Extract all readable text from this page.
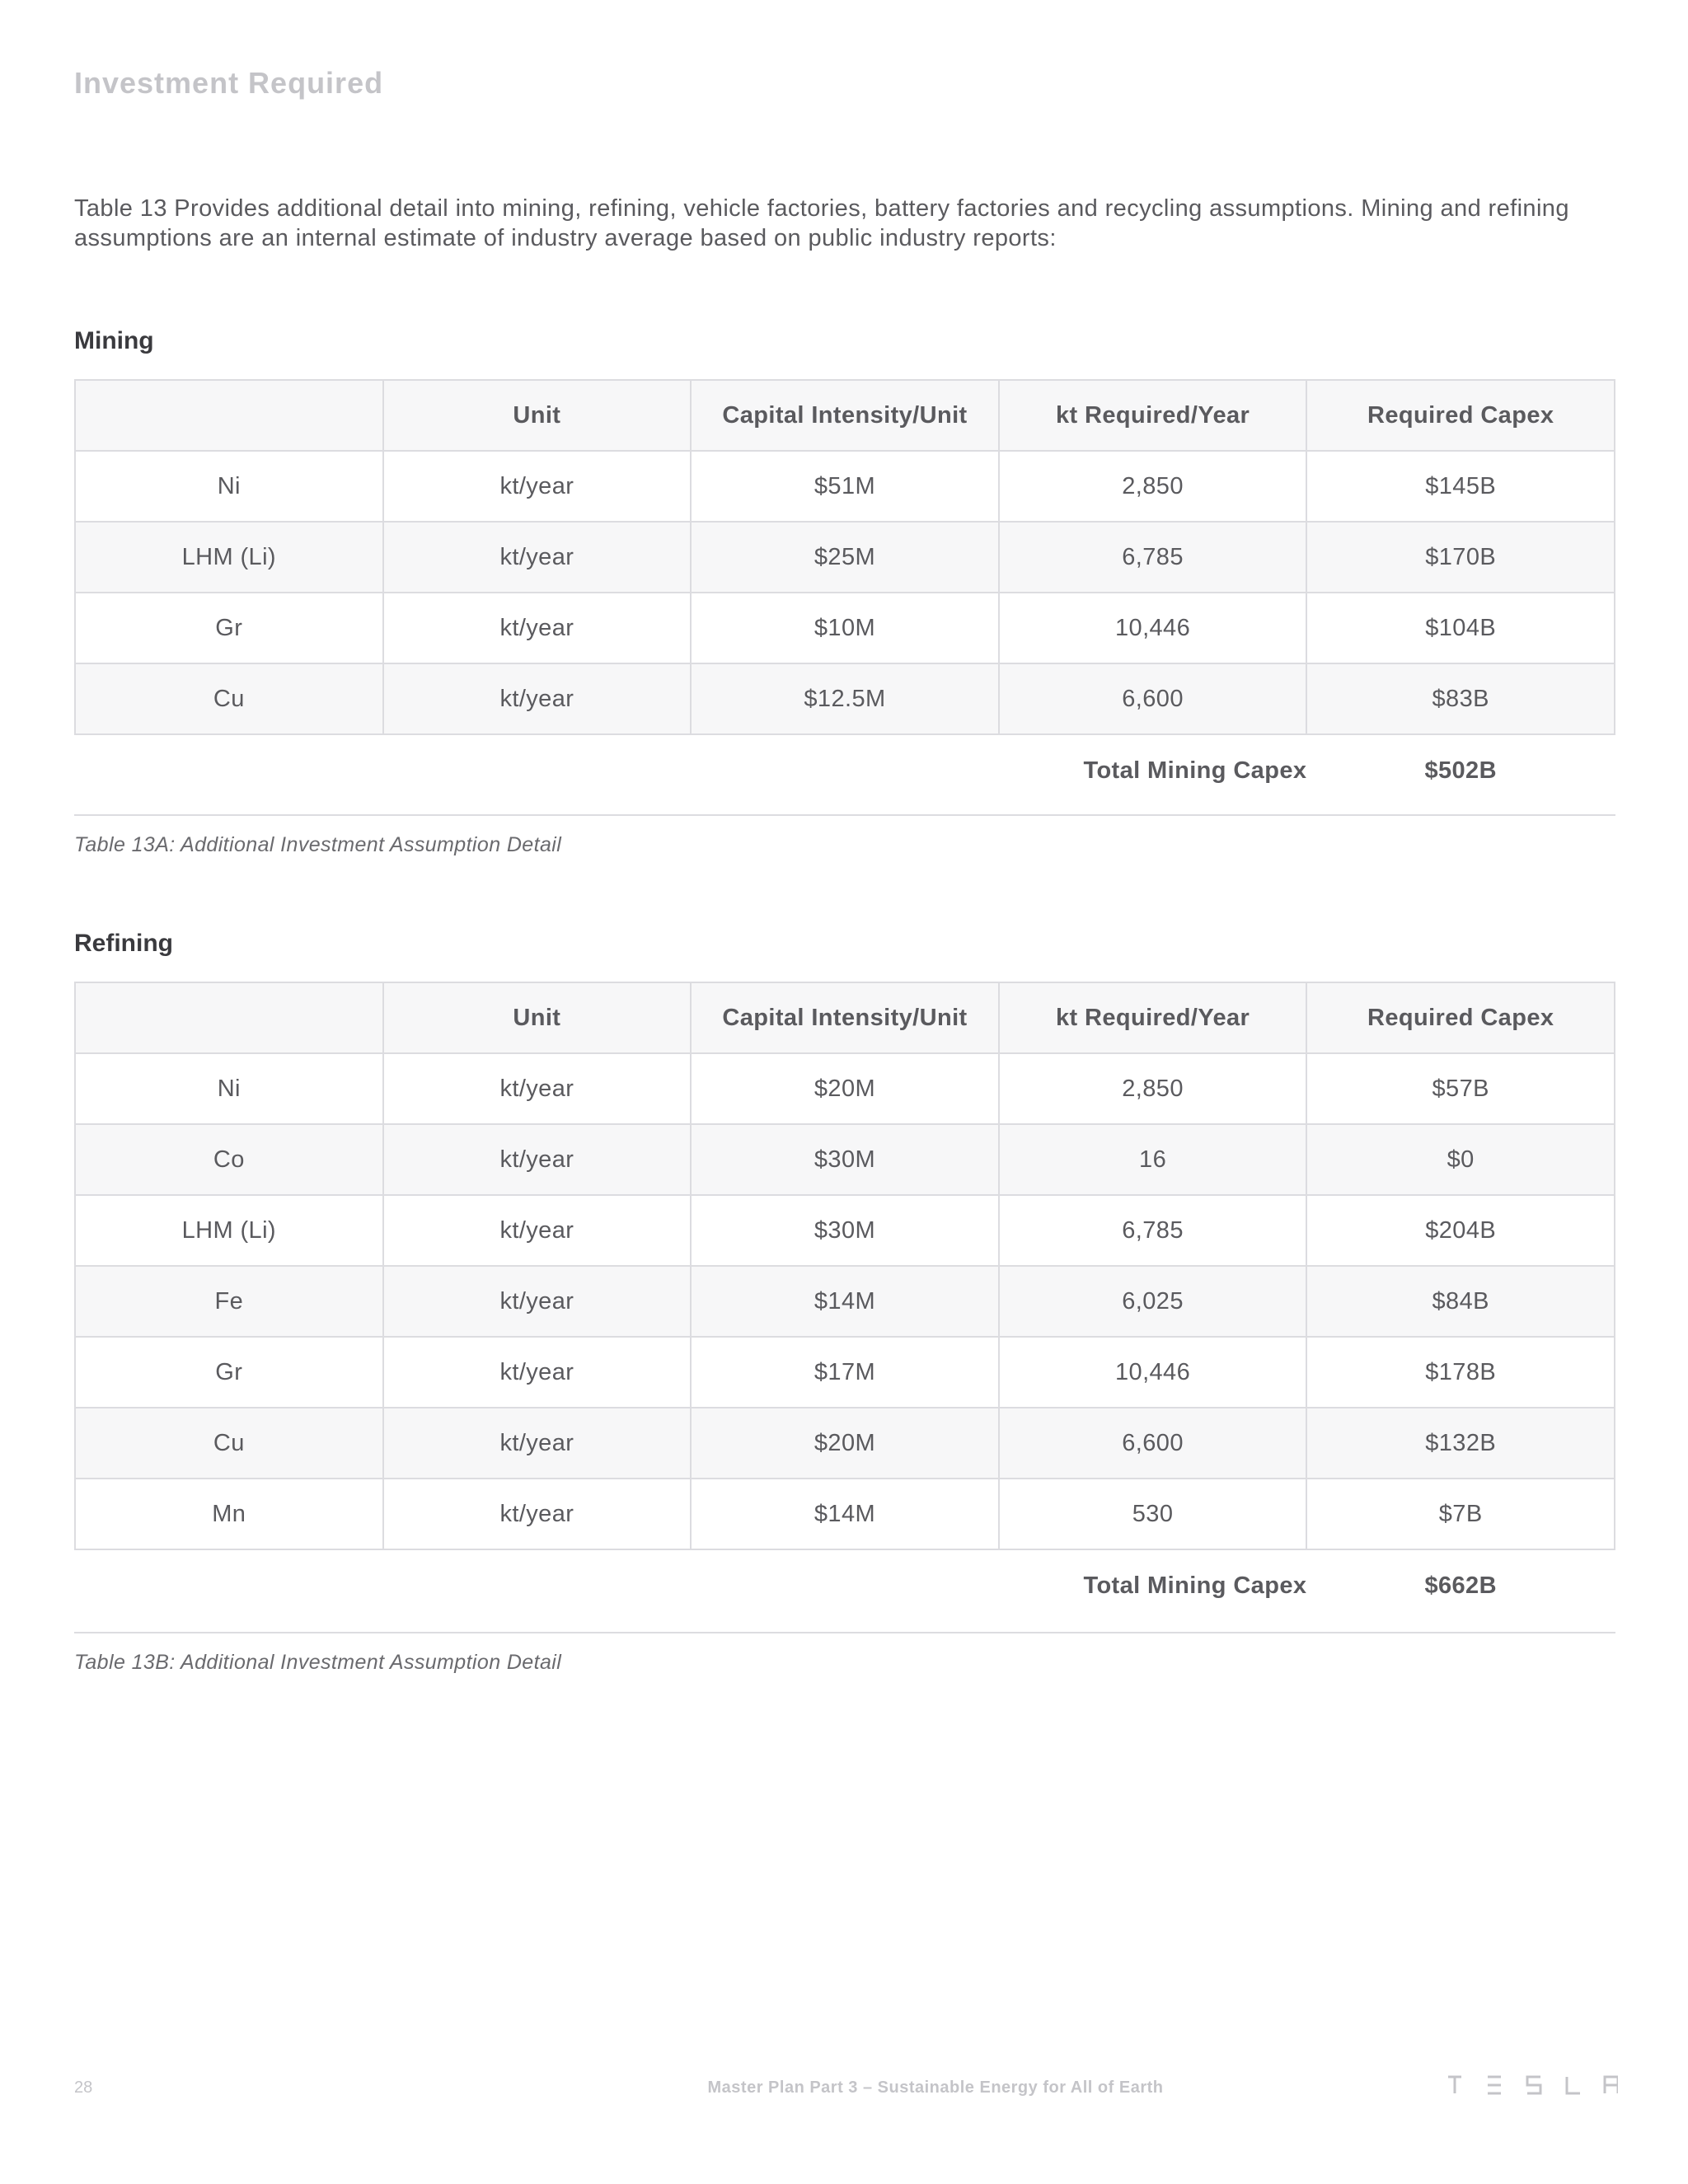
Investment Required
Table 13 Provides additional detail into mining, refining, vehicle factories, battery factories and recycling assumptions. Mining and refining assumptions are an internal estimate of industry average based on public industry reports:
Mining
	Unit	Capital Intensity/Unit	kt Required/Year	Required Capex
Ni	kt/year	$51M	2,850	$145B
LHM (Li)	kt/year	$25M	6,785	$170B
Gr	kt/year	$10M	10,446	$104B
Cu	kt/year	$12.5M	6,600	$83B
			Total Mining Capex	$502B
Table 13A: Additional Investment Assumption Detail
Refining
	Unit	Capital Intensity/Unit	kt Required/Year	Required Capex
Ni	kt/year	$20M	2,850	$57B
Co	kt/year	$30M	16	$0
LHM (Li)	kt/year	$30M	6,785	$204B
Fe	kt/year	$14M	6,025	$84B
Gr	kt/year	$17M	10,446	$178B
Cu	kt/year	$20M	6,600	$132B
Mn	kt/year	$14M	530	$7B
			Total Mining Capex	$662B
Table 13B: Additional Investment Assumption Detail
28	Master Plan Part 3 – Sustainable Energy for All of Earth
